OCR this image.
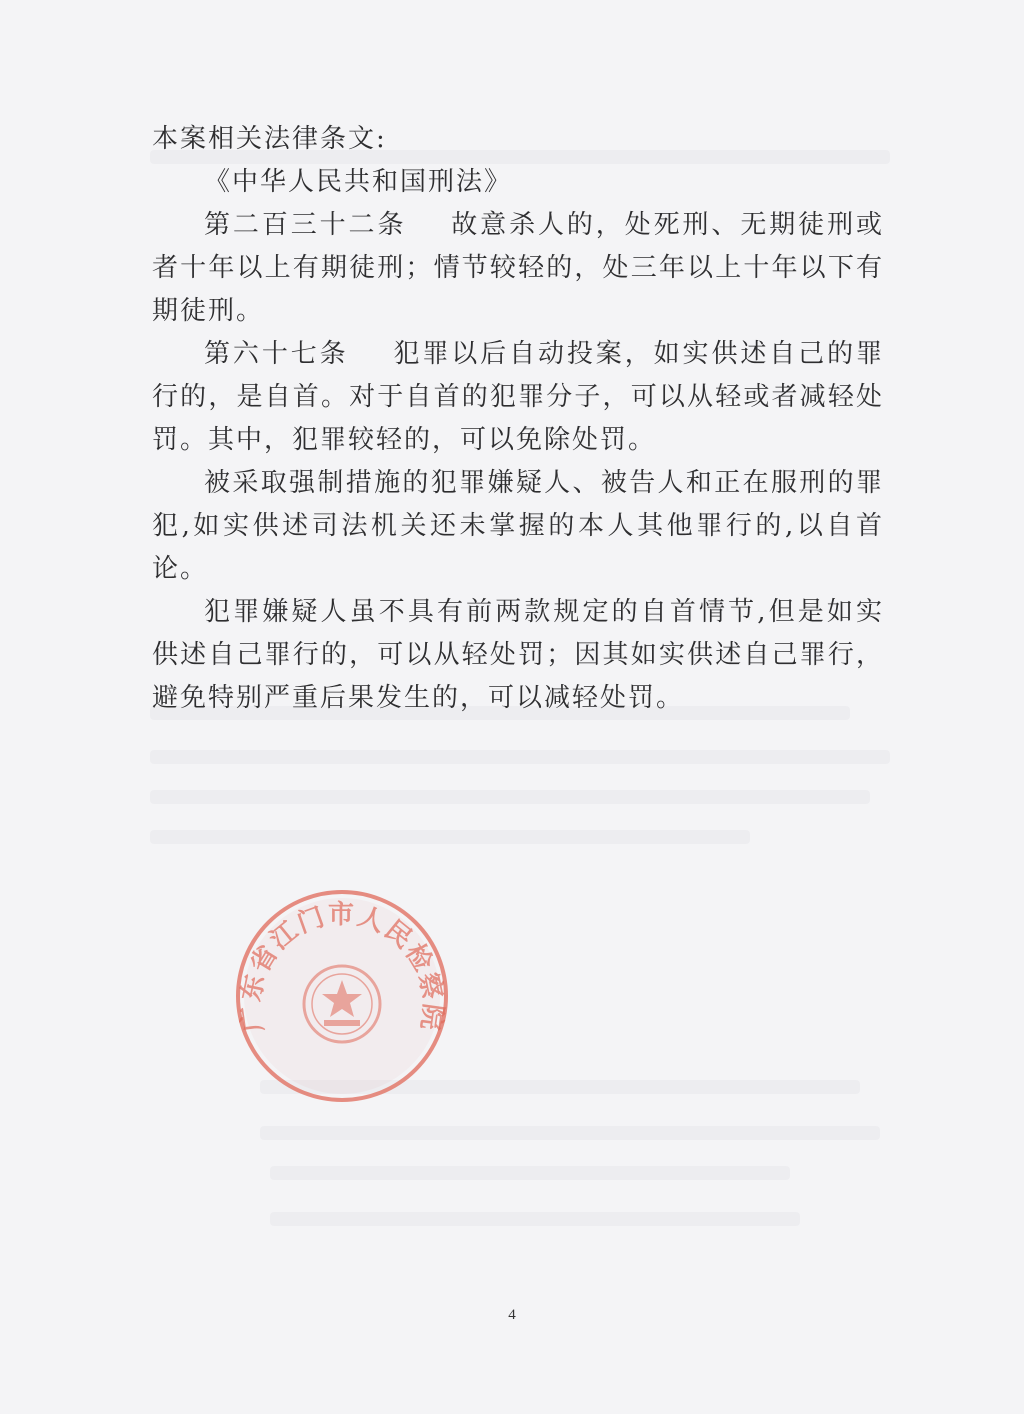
本案相关法律条文:

《中华人民共和国刑法》

第二百三十二条 故意杀人的，处死刑、无期徒刑或者十年以上有期徒刑；情节较轻的，处三年以上十年以下有期徒刑。

第六十七条 犯罪以后自动投案，如实供述自己的罪行的，是自首。对于自首的犯罪分子，可以从轻或者减轻处罚。其中，犯罪较轻的，可以免除处罚。

被采取强制措施的犯罪嫌疑人、被告人和正在服刑的罪犯,如实供述司法机关还未掌握的本人其他罪行的,以自首论。

犯罪嫌疑人虽不具有前两款规定的自首情节,但是如实供述自己罪行的，可以从轻处罚；因其如实供述自己罪行，避免特别严重后果发生的，可以减轻处罚。

广东省江门市人民检察院
4
